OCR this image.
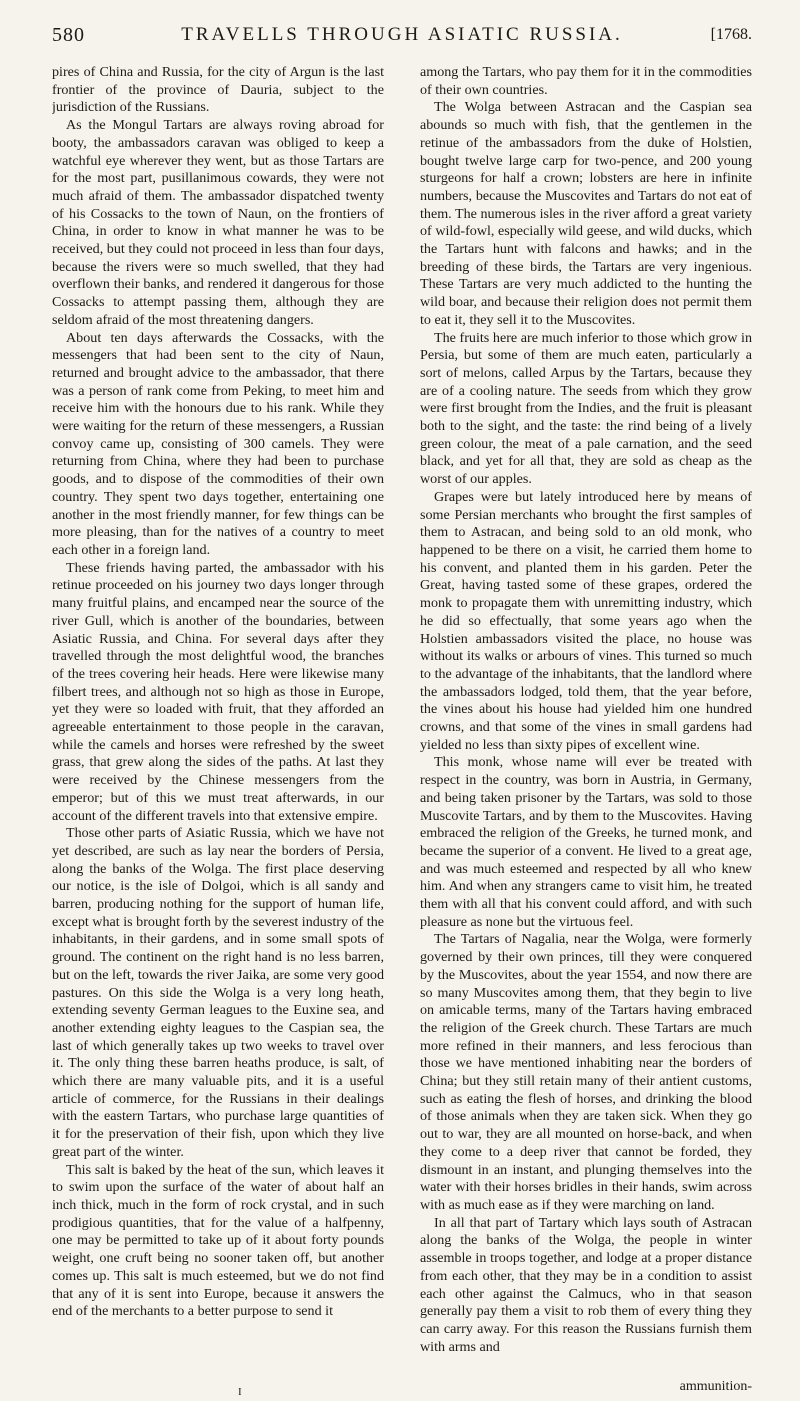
580	TRAVELLS THROUGH ASIATIC RUSSIA.	[1768.

pires of China and Russia, for the city of Argun is the last frontier of the province of Dauria, subject to the jurisdiction of the Russians.

As the Mongul Tartars are always roving abroad for booty, the ambassadors caravan was obliged to keep a watchful eye wherever they went, but as those Tartars are for the most part, pusillanimous cowards, they were not much afraid of them. The ambassador dispatched twenty of his Cossacks to the town of Naun, on the frontiers of China, in order to know in what manner he was to be received, but they could not proceed in less than four days, because the rivers were so much swelled, that they had overflown their banks, and rendered it dangerous for those Cossacks to attempt passing them, although they are seldom afraid of the most threatening dangers.

About ten days afterwards the Cossacks, with the messengers that had been sent to the city of Naun, returned and brought advice to the ambassador, that there was a person of rank come from Peking, to meet him and receive him with the honours due to his rank. While they were waiting for the return of these messengers, a Russian convoy came up, consisting of 300 camels. They were returning from China, where they had been to purchase goods, and to dispose of the commodities of their own country. They spent two days together, entertaining one another in the most friendly manner, for few things can be more pleasing, than for the natives of a country to meet each other in a foreign land.

These friends having parted, the ambassador with his retinue proceeded on his journey two days longer through many fruitful plains, and encamped near the source of the river Gull, which is another of the boundaries, between Asiatic Russia, and China. For several days after they travelled through the most delightful wood, the branches of the trees covering heir heads. Here were likewise many filbert trees, and although not so high as those in Europe, yet they were so loaded with fruit, that they afforded an agreeable entertainment to those people in the caravan, while the camels and horses were refreshed by the sweet grass, that grew along the sides of the paths. At last they were received by the Chinese messengers from the emperor; but of this we must treat afterwards, in our account of the different travels into that extensive empire.

Those other parts of Asiatic Russia, which we have not yet described, are such as lay near the borders of Persia, along the banks of the Wolga. The first place deserving our notice, is the isle of Dolgoi, which is all sandy and barren, producing nothing for the support of human life, except what is brought forth by the severest industry of the inhabitants, in their gardens, and in some small spots of ground. The continent on the right hand is no less barren, but on the left, towards the river Jaika, are some very good pastures. On this side the Wolga is a very long heath, extending seventy German leagues to the Euxine sea, and another extending eighty leagues to the Caspian sea, the last of which generally takes up two weeks to travel over it. The only thing these barren heaths produce, is salt, of which there are many valuable pits, and it is a useful article of commerce, for the Russians in their dealings with the eastern Tartars, who purchase large quantities of it for the preservation of their fish, upon which they live great part of the winter.

This salt is baked by the heat of the sun, which leaves it to swim upon the surface of the water of about half an inch thick, much in the form of rock crystal, and in such prodigious quantities, that for the value of a halfpenny, one may be permitted to take up of it about forty pounds weight, one cruft being no sooner taken off, but another comes up. This salt is much esteemed, but we do not find that any of it is sent into Europe, because it answers the end of the merchants to a better purpose to send it

among the Tartars, who pay them for it in the commodities of their own countries.

The Wolga between Astracan and the Caspian sea abounds so much with fish, that the gentlemen in the retinue of the ambassadors from the duke of Holstien, bought twelve large carp for two-pence, and 200 young sturgeons for half a crown; lobsters are here in infinite numbers, because the Muscovites and Tartars do not eat of them. The numerous isles in the river afford a great variety of wild-fowl, especially wild geese, and wild ducks, which the Tartars hunt with falcons and hawks; and in the breeding of these birds, the Tartars are very ingenious. These Tartars are very much addicted to the hunting the wild boar, and because their religion does not permit them to eat it, they sell it to the Muscovites.

The fruits here are much inferior to those which grow in Persia, but some of them are much eaten, particularly a sort of melons, called Arpus by the Tartars, because they are of a cooling nature. The seeds from which they grow were first brought from the Indies, and the fruit is pleasant both to the sight, and the taste: the rind being of a lively green colour, the meat of a pale carnation, and the seed black, and yet for all that, they are sold as cheap as the worst of our apples.

Grapes were but lately introduced here by means of some Persian merchants who brought the first samples of them to Astracan, and being sold to an old monk, who happened to be there on a visit, he carried them home to his convent, and planted them in his garden. Peter the Great, having tasted some of these grapes, ordered the monk to propagate them with unremitting industry, which he did so effectually, that some years ago when the Holstien ambassadors visited the place, no house was without its walks or arbours of vines. This turned so much to the advantage of the inhabitants, that the landlord where the ambassadors lodged, told them, that the year before, the vines about his house had yielded him one hundred crowns, and that some of the vines in small gardens had yielded no less than sixty pipes of excellent wine.

This monk, whose name will ever be treated with respect in the country, was born in Austria, in Germany, and being taken prisoner by the Tartars, was sold to those Muscovite Tartars, and by them to the Muscovites. Having embraced the religion of the Greeks, he turned monk, and became the superior of a convent. He lived to a great age, and was much esteemed and respected by all who knew him. And when any strangers came to visit him, he treated them with all that his convent could afford, and with such pleasure as none but the virtuous feel.

The Tartars of Nagalia, near the Wolga, were formerly governed by their own princes, till they were conquered by the Muscovites, about the year 1554, and now there are so many Muscovites among them, that they begin to live on amicable terms, many of the Tartars having embraced the religion of the Greek church. These Tartars are much more refined in their manners, and less ferocious than those we have mentioned inhabiting near the borders of China; but they still retain many of their antient customs, such as eating the flesh of horses, and drinking the blood of those animals when they are taken sick. When they go out to war, they are all mounted on horse-back, and when they come to a deep river that cannot be forded, they dismount in an instant, and plunging themselves into the water with their horses bridles in their hands, swim across with as much ease as if they were marching on land.

In all that part of Tartary which lays south of Astracan along the banks of the Wolga, the people in winter assemble in troops together, and lodge at a proper distance from each other, that they may be in a condition to assist each other against the Calmucs, who in that season generally pay them a visit to rob them of every thing they can carry away. For this reason the Russians furnish them with arms and

I	ammunition-
